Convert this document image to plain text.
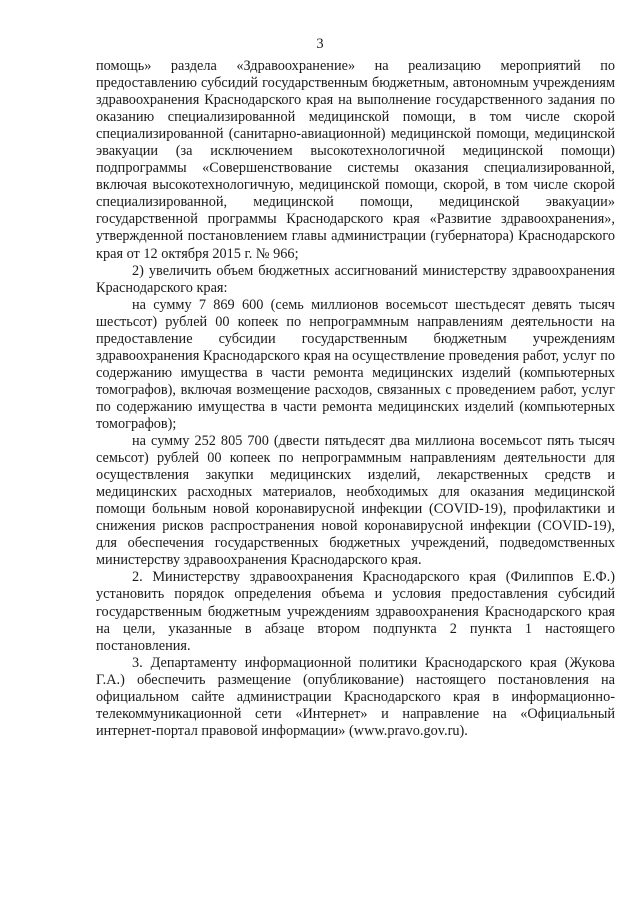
3

помощь» раздела «Здравоохранение» на реализацию мероприятий по предоставлению субсидий государственным бюджетным, автономным учреждениям здравоохранения Краснодарского края на выполнение государственного задания по оказанию специализированной медицинской помощи, в том числе скорой специализированной (санитарно-авиационной) медицинской помощи, медицинской эвакуации (за исключением высокотехнологичной медицинской помощи) подпрограммы «Совершенствование системы оказания специализированной, включая высокотехнологичную, медицинской помощи, скорой, в том числе скорой специализированной, медицинской помощи, медицинской эвакуации» государственной программы Краснодарского края «Развитие здравоохранения», утвержденной постановлением главы администрации (губернатора) Краснодарского края от 12 октября 2015 г. № 966;

2) увеличить объем бюджетных ассигнований министерству здравоохранения Краснодарского края:

на сумму 7 869 600 (семь миллионов восемьсот шестьдесят девять тысяч шестьсот) рублей 00 копеек по непрограммным направлениям деятельности на предоставление субсидии государственным бюджетным учреждениям здравоохранения Краснодарского края на осуществление проведения работ, услуг по содержанию имущества в части ремонта медицинских изделий (компьютерных томографов), включая возмещение расходов, связанных с проведением работ, услуг по содержанию имущества в части ремонта медицинских изделий (компьютерных томографов);

на сумму 252 805 700 (двести пятьдесят два миллиона восемьсот пять тысяч семьсот) рублей 00 копеек по непрограммным направлениям деятельности для осуществления закупки медицинских изделий, лекарственных средств и медицинских расходных материалов, необходимых для оказания медицинской помощи больным новой коронавирусной инфекции (COVID-19), профилактики и снижения рисков распространения новой коронавирусной инфекции (COVID-19), для обеспечения государственных бюджетных учреждений, подведомственных министерству здравоохранения Краснодарского края.

2. Министерству здравоохранения Краснодарского края (Филиппов Е.Ф.) установить порядок определения объема и условия предоставления субсидий государственным бюджетным учреждениям здравоохранения Краснодарского края на цели, указанные в абзаце втором подпункта 2 пункта 1 настоящего постановления.

3. Департаменту информационной политики Краснодарского края (Жукова Г.А.) обеспечить размещение (опубликование) настоящего постановления на официальном сайте администрации Краснодарского края в информационно-телекоммуникационной сети «Интернет» и направление на «Официальный интернет-портал правовой информации» (www.pravo.gov.ru).
